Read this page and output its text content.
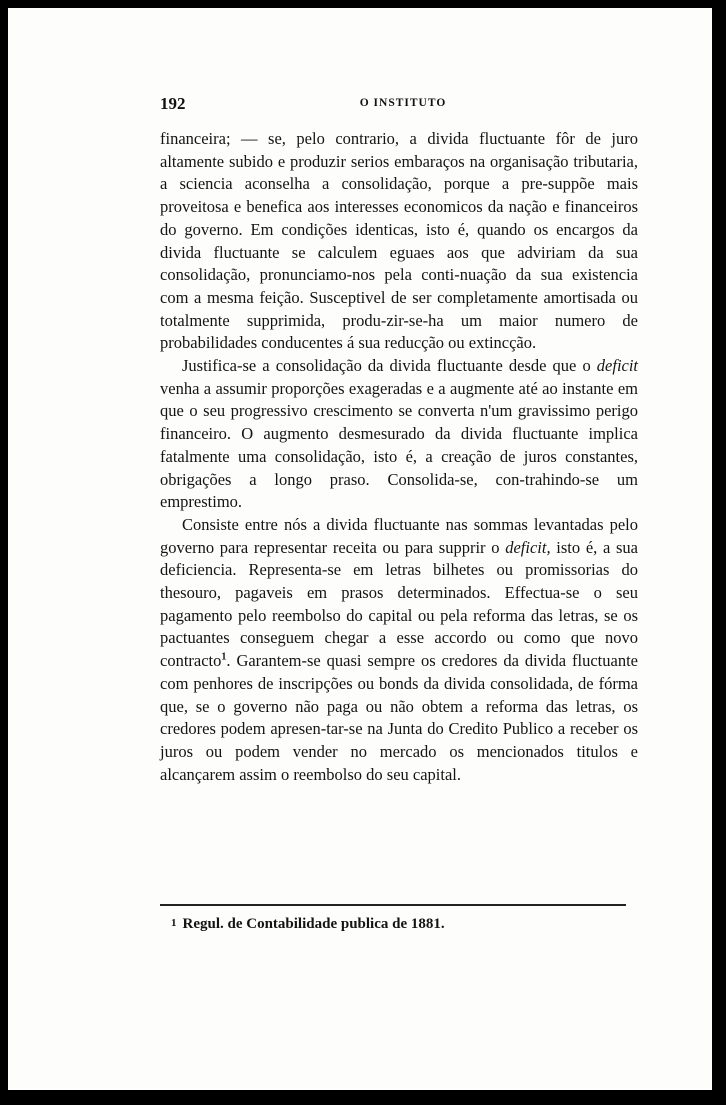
192	O INSTITUTO

financeira; — se, pelo contrario, a divida fluctuante fôr de juro altamente subido e produzir serios embaraços na organisação tributaria, a sciencia aconselha a consolidação, porque a pre-suppõe mais proveitosa e benefica aos interesses economicos da nação e financeiros do governo. Em condições identicas, isto é, quando os encargos da divida fluctuante se calculem eguaes aos que adviriam da sua consolidação, pronunciamo-nos pela conti-nuação da sua existencia com a mesma feição. Susceptivel de ser completamente amortisada ou totalmente supprimida, produ-zir-se-ha um maior numero de probabilidades conducentes á sua reducção ou extincção.

Justifica-se a consolidação da divida fluctuante desde que o deficit venha a assumir proporções exageradas e a augmente até ao instante em que o seu progressivo crescimento se converta n'um gravissimo perigo financeiro. O augmento desmesurado da divida fluctuante implica fatalmente uma consolidação, isto é, a creação de juros constantes, obrigações a longo praso. Consolida-se, con-trahindo-se um emprestimo.

Consiste entre nós a divida fluctuante nas sommas levantadas pelo governo para representar receita ou para supprir o deficit, isto é, a sua deficiencia. Representa-se em letras bilhetes ou promissorias do thesouro, pagaveis em prasos determinados. Effectua-se o seu pagamento pelo reembolso do capital ou pela reforma das letras, se os pactuantes conseguem chegar a esse accordo ou como que novo contracto$^1$. Garantem-se quasi sempre os credores da divida fluctuante com penhores de inscripções ou bonds da divida consolidada, de fórma que, se o governo não paga ou não obtem a reforma das letras, os credores podem apresen-tar-se na Junta do Credito Publico a receber os juros ou podem vender no mercado os mencionados titulos e alcançarem assim o reembolso do seu capital.

1 Regul. de Contabilidade publica de 1881.
